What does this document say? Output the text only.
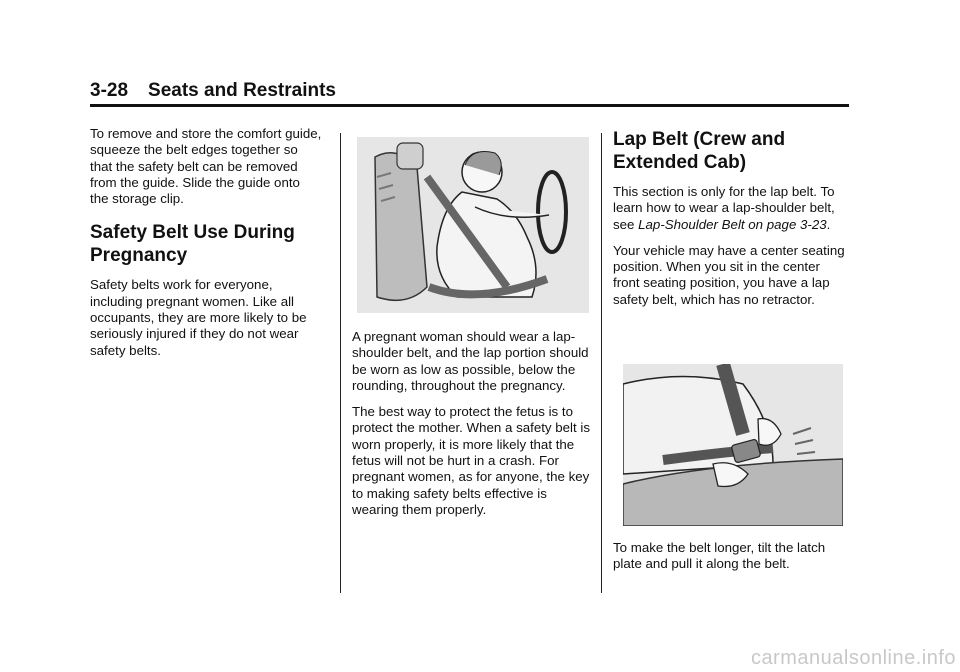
3-28 Seats and Restraints

To remove and store the comfort guide, squeeze the belt edges together so that the safety belt can be removed from the guide. Slide the guide onto the storage clip.

Safety Belt Use During Pregnancy

Safety belts work for everyone, including pregnant women. Like all occupants, they are more likely to be seriously injured if they do not wear safety belts.

A pregnant woman should wear a lap-shoulder belt, and the lap portion should be worn as low as possible, below the rounding, throughout the pregnancy.

The best way to protect the fetus is to protect the mother. When a safety belt is worn properly, it is more likely that the fetus will not be hurt in a crash. For pregnant women, as for anyone, the key to making safety belts effective is wearing them properly.

Lap Belt (Crew and Extended Cab)

This section is only for the lap belt. To learn how to wear a lap-shoulder belt, see Lap-Shoulder Belt on page 3-23.

Your vehicle may have a center seating position. When you sit in the center front seating position, you have a lap safety belt, which has no retractor.

To make the belt longer, tilt the latch plate and pull it along the belt.

carmanualsonline.info
